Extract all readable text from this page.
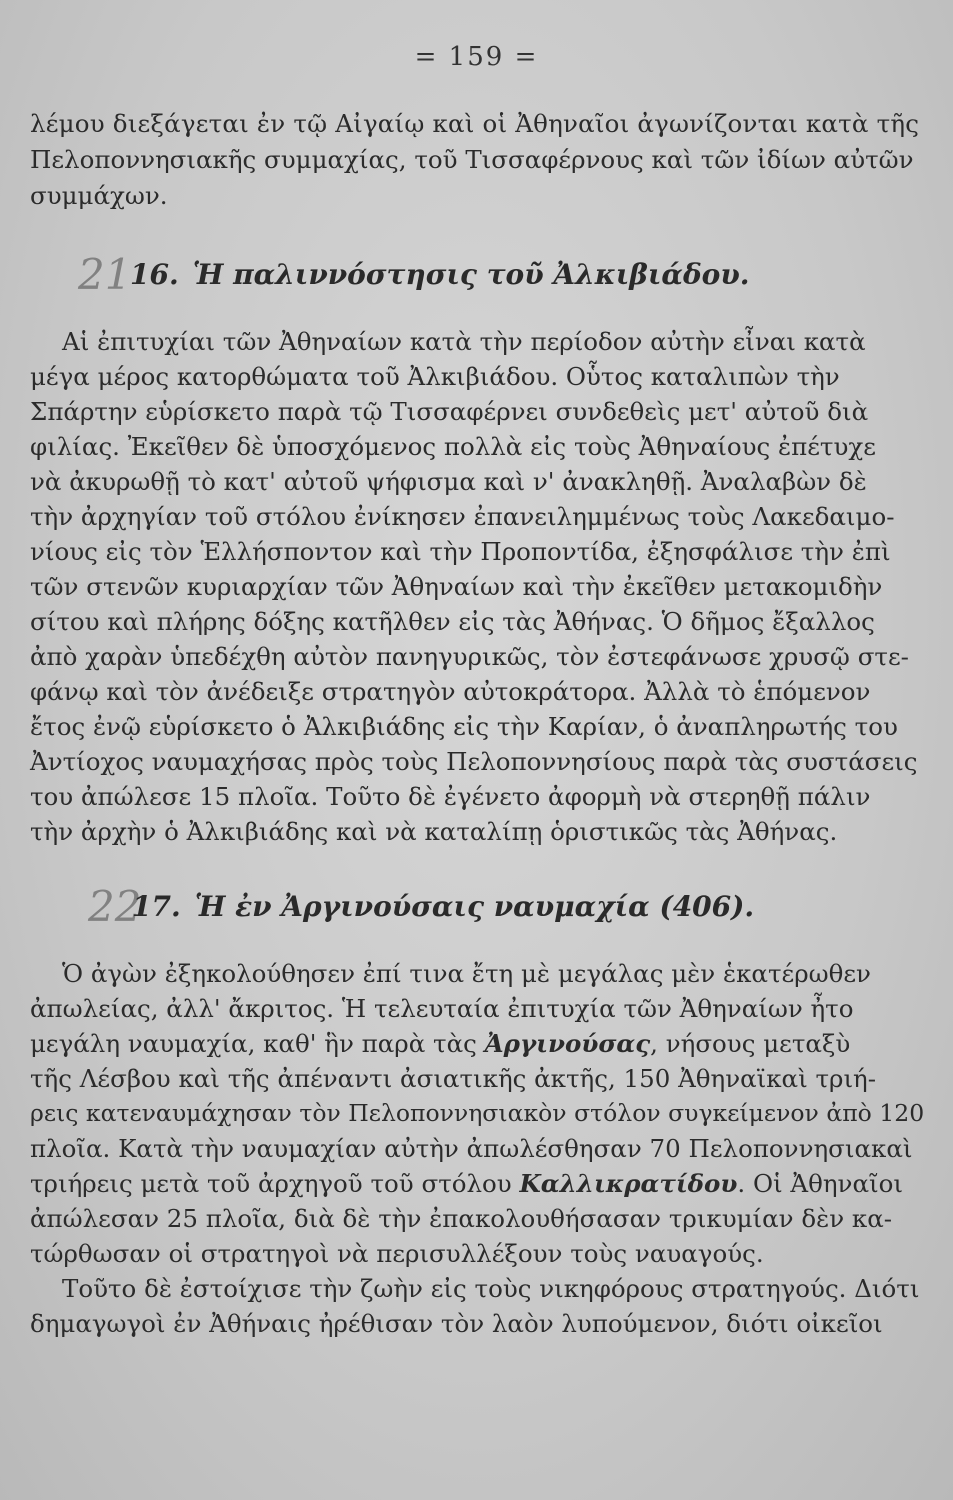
= 159 =
λέμου διεξάγεται ἐν τῷ Αἰγαίῳ καὶ οἱ Ἀθηναῖοι ἀγωνίζονται κατὰ τῆς
Πελοποννησιακῆς συμμαχίας, τοῦ Τισσαφέρνους καὶ τῶν ἰδίων αὐτῶν
συμμάχων.
21
16. Ἡ παλιννόστησις τοῦ Ἀλκιβιάδου.
Αἱ ἐπιτυχίαι τῶν Ἀθηναίων κατὰ τὴν περίοδον αὐτὴν εἶναι κατὰ
μέγα μέρος κατορθώματα τοῦ Ἀλκιβιάδου. Οὗτος καταλιπὼν τὴν
Σπάρτην εὑρίσκετο παρὰ τῷ Τισσαφέρνει συνδεθεὶς μετ' αὐτοῦ διὰ
φιλίας. Ἐκεῖθεν δὲ ὑποσχόμενος πολλὰ εἰς τοὺς Ἀθηναίους ἐπέτυχε
νὰ ἀκυρωθῇ τὸ κατ' αὐτοῦ ψήφισμα καὶ ν' ἀνακληθῇ. Ἀναλαβὼν δὲ
τὴν ἀρχηγίαν τοῦ στόλου ἐνίκησεν ἐπανειλημμένως τοὺς Λακεδαιμο-
νίους εἰς τὸν Ἑλλήσποντον καὶ τὴν Προποντίδα, ἐξησφάλισε τὴν ἐπὶ
τῶν στενῶν κυριαρχίαν τῶν Ἀθηναίων καὶ τὴν ἐκεῖθεν μετακομιδὴν
σίτου καὶ πλήρης δόξης κατῆλθεν εἰς τὰς Ἀθήνας. Ὁ δῆμος ἔξαλλος
ἀπὸ χαρὰν ὑπεδέχθη αὐτὸν πανηγυρικῶς, τὸν ἐστεφάνωσε χρυσῷ στε-
φάνῳ καὶ τὸν ἀνέδειξε στρατηγὸν αὐτοκράτορα. Ἀλλὰ τὸ ἑπόμενον
ἔτος ἐνῷ εὑρίσκετο ὁ Ἀλκιβιάδης εἰς τὴν Καρίαν, ὁ ἀναπληρωτής του
Ἀντίοχος ναυμαχήσας πρὸς τοὺς Πελοποννησίους παρὰ τὰς συστάσεις
του ἀπώλεσε 15 πλοῖα. Τοῦτο δὲ ἐγένετο ἀφορμὴ νὰ στερηθῇ πάλιν
τὴν ἀρχὴν ὁ Ἀλκιβιάδης καὶ νὰ καταλίπῃ ὁριστικῶς τὰς Ἀθήνας.
22
17. Ἡ ἐν Ἀργινούσαις ναυμαχία (406).
Ὁ ἀγὼν ἐξηκολούθησεν ἐπί τινα ἔτη μὲ μεγάλας μὲν ἑκατέρωθεν
ἀπωλείας, ἀλλ' ἄκριτος. Ἡ τελευταία ἐπιτυχία τῶν Ἀθηναίων ἦτο
μεγάλη ναυμαχία, καθ' ἣν παρὰ τὰς Ἀργινούσας, νήσους μεταξὺ
τῆς Λέσβου καὶ τῆς ἀπέναντι ἀσιατικῆς ἀκτῆς, 150 Ἀθηναϊκαὶ τριή-
ρεις κατεναυμάχησαν τὸν Πελοποννησιακὸν στόλον συγκείμενον ἀπὸ 120
πλοῖα. Κατὰ τὴν ναυμαχίαν αὐτὴν ἀπωλέσθησαν 70 Πελοποννησιακαὶ
τριήρεις μετὰ τοῦ ἀρχηγοῦ τοῦ στόλου Καλλικρατίδου. Οἱ Ἀθηναῖοι
ἀπώλεσαν 25 πλοῖα, διὰ δὲ τὴν ἐπακολουθήσασαν τρικυμίαν δὲν κα-
τώρθωσαν οἱ στρατηγοὶ νὰ περισυλλέξουν τοὺς ναυαγούς.
Τοῦτο δὲ ἐστοίχισε τὴν ζωὴν εἰς τοὺς νικηφόρους στρατηγούς. Διότι
δημαγωγοὶ ἐν Ἀθήναις ἠρέθισαν τὸν λαὸν λυπούμενον, διότι οἰκεῖοι
